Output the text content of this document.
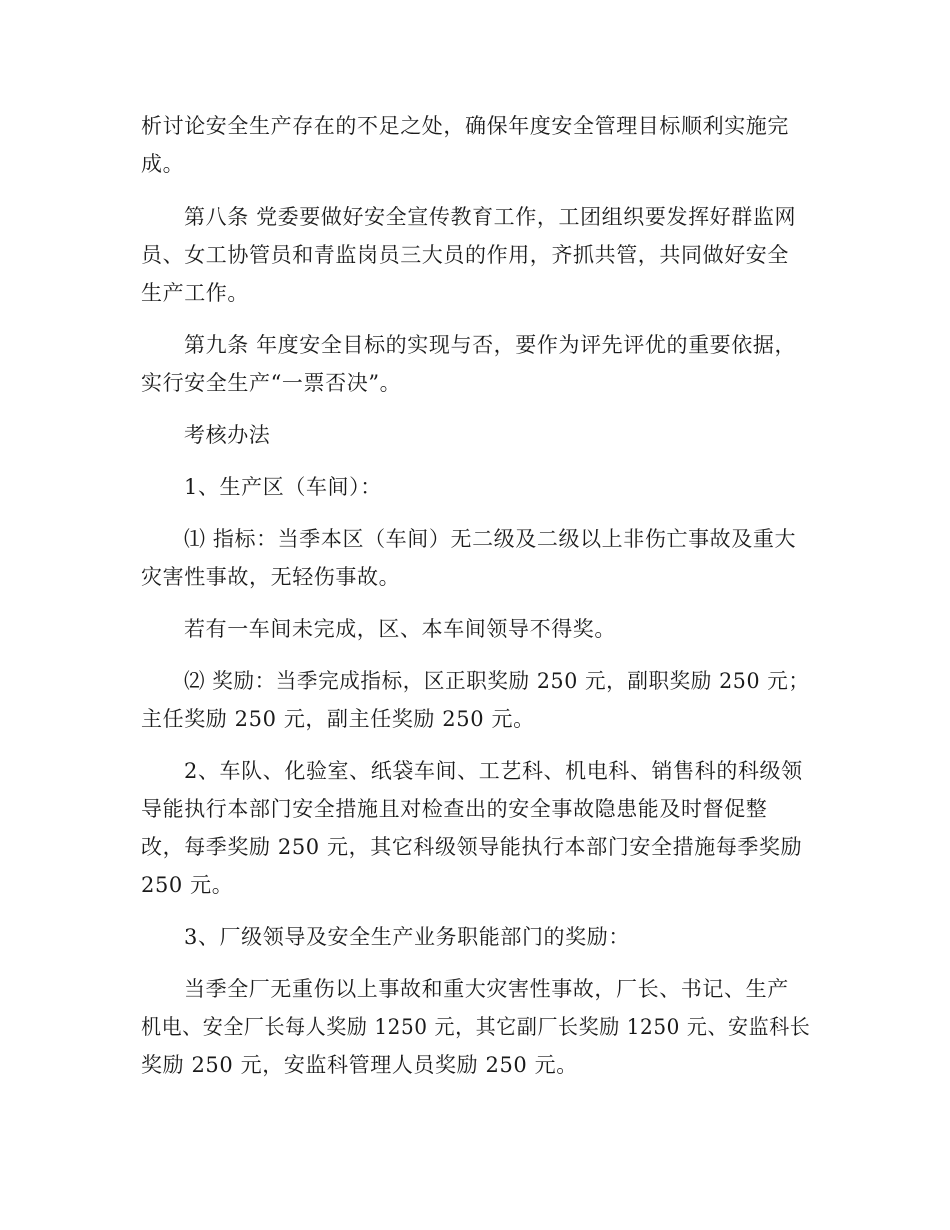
析讨论安全生产存在的不足之处，确保年度安全管理目标顺利实施完
成。
第八条 党委要做好安全宣传教育工作，工团组织要发挥好群监网
员、女工协管员和青监岗员三大员的作用，齐抓共管，共同做好安全
生产工作。
第九条 年度安全目标的实现与否，要作为评先评优的重要依据，
实行安全生产“一票否决”。
考核办法
1、生产区（车间）：
⑴ 指标：当季本区（车间）无二级及二级以上非伤亡事故及重大
灾害性事故，无轻伤事故。
若有一车间未完成，区、本车间领导不得奖。
⑵ 奖励：当季完成指标，区正职奖励 250 元，副职奖励 250 元；
主任奖励 250 元，副主任奖励 250 元。
2、车队、化验室、纸袋车间、工艺科、机电科、销售科的科级领
导能执行本部门安全措施且对检查出的安全事故隐患能及时督促整
改，每季奖励 250 元，其它科级领导能执行本部门安全措施每季奖励
250 元。
3、厂级领导及安全生产业务职能部门的奖励：
当季全厂无重伤以上事故和重大灾害性事故，厂长、书记、生产
机电、安全厂长每人奖励 1250 元，其它副厂长奖励 1250 元、安监科长
奖励 250 元，安监科管理人员奖励 250 元。
